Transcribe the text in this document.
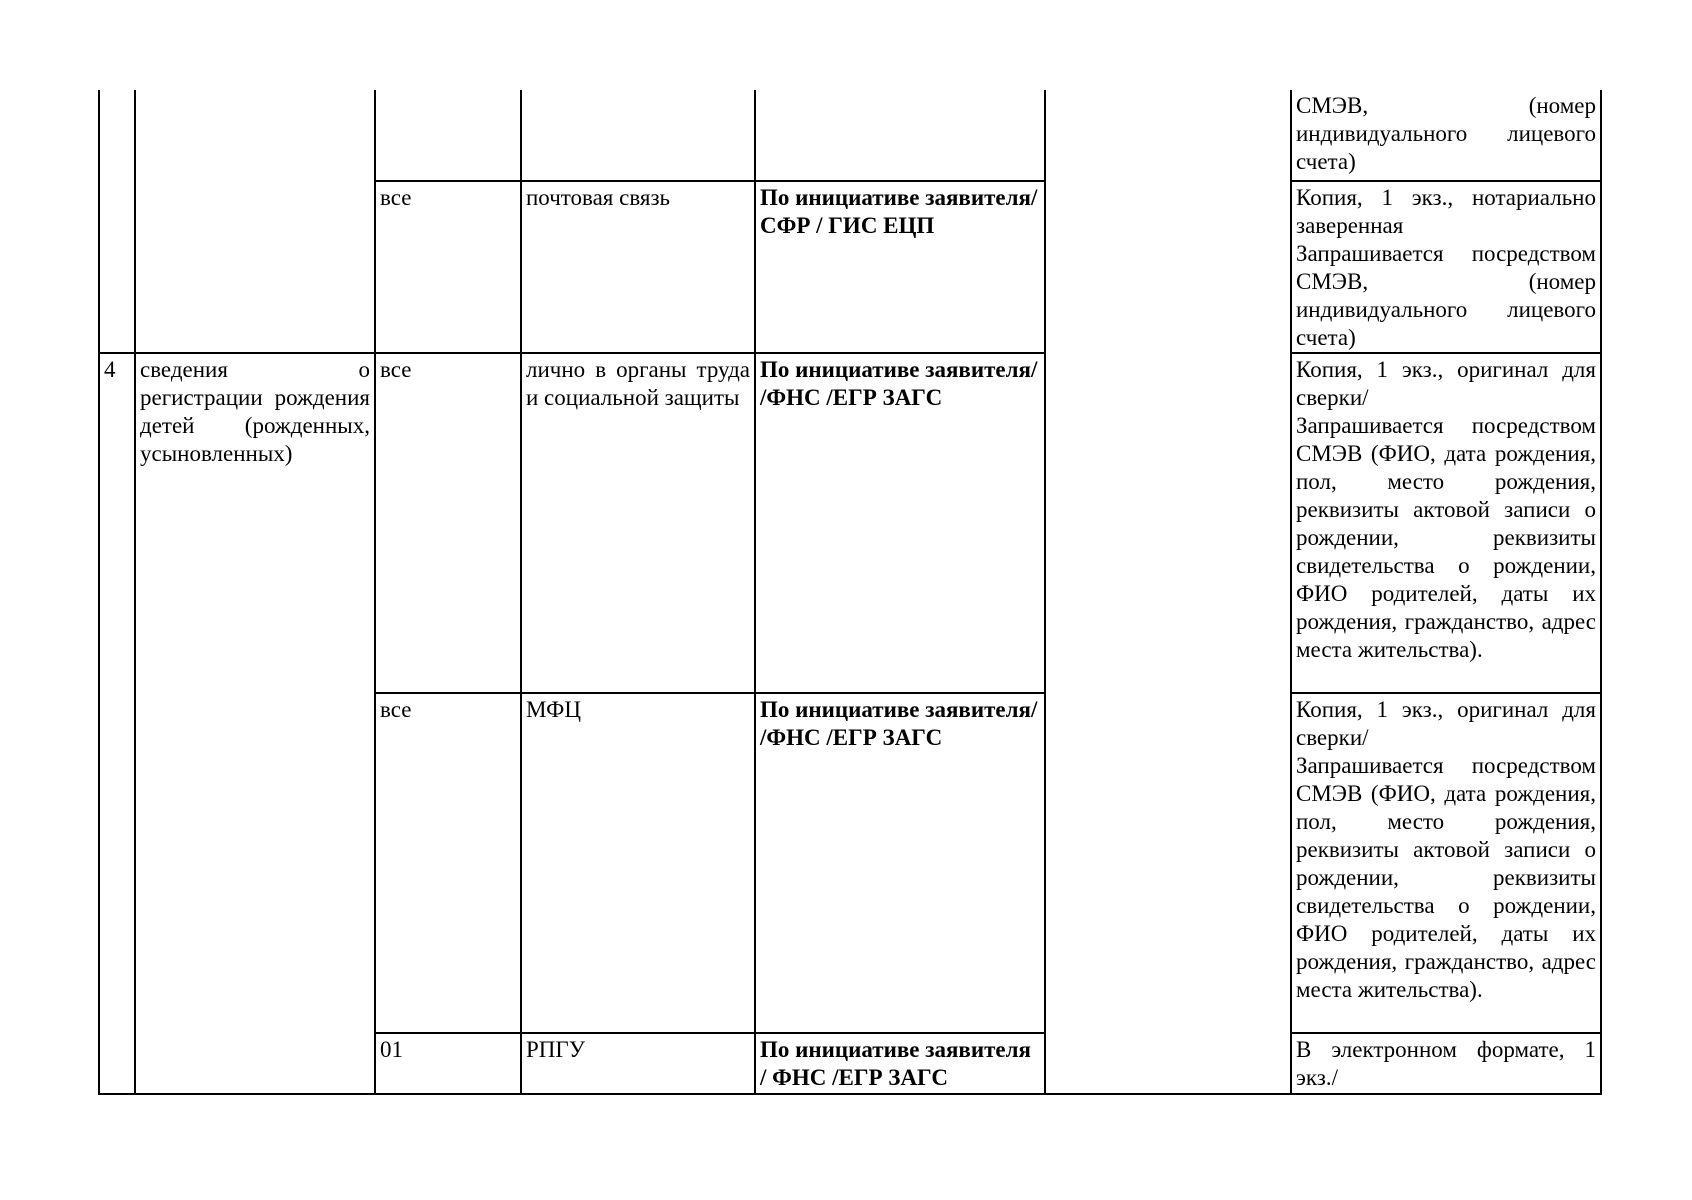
						СМЭВ, (номер индивидуального лицевого счета)

		все	почтовая связь	По инициативе заявителя/ СФР / ГИС ЕЦП		Копия, 1 экз., нотариально заверенная
Запрашивается посредством СМЭВ, (номер индивидуального лицевого счета)

4	сведения о регистрации рождения детей (рожденных, усыновленных)	все	лично в органы труда и социальной защиты	По инициативе заявителя/ /ФНС /ЕГР ЗАГС		Копия, 1 экз., оригинал для сверки/
Запрашивается посредством СМЭВ (ФИО, дата рождения, пол, место рождения, реквизиты актовой записи о рождении, реквизиты свидетельства о рождении, ФИО родителей, даты их рождения, гражданство, адрес места жительства).

		все	МФЦ	По инициативе заявителя/ /ФНС /ЕГР ЗАГС		Копия, 1 экз., оригинал для сверки/
Запрашивается посредством СМЭВ (ФИО, дата рождения, пол, место рождения, реквизиты актовой записи о рождении, реквизиты свидетельства о рождении, ФИО родителей, даты их рождения, гражданство, адрес места жительства).

		01	РПГУ	По инициативе заявителя / ФНС /ЕГР ЗАГС		В электронном формате, 1 экз./
